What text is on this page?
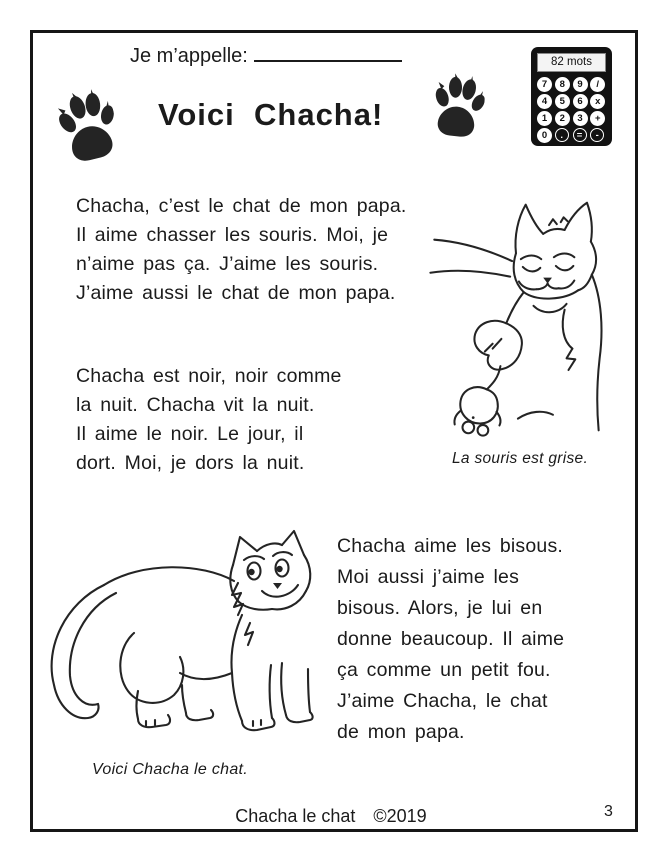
Je m’appelle:
Voici  Chacha!
82 mots
7	8	9	/
4	5	6	x
1	2	3	+
0	.	=	-
Chacha, c’est le chat de mon papa.
Il aime chasser les souris. Moi, je
n’aime pas ça. J’aime les souris.
J’aime aussi le chat de mon papa.
La souris est grise.
Chacha est noir, noir comme
la nuit. Chacha vit la nuit.
Il aime le noir. Le jour, il
dort. Moi, je dors la nuit.
Voici Chacha le chat.
Chacha aime les bisous.
Moi aussi j’aime les
bisous. Alors, je lui en
donne beaucoup. Il aime
ça comme un petit fou.
J’aime Chacha, le chat
de mon papa.
Chacha le chat ©2019	3
